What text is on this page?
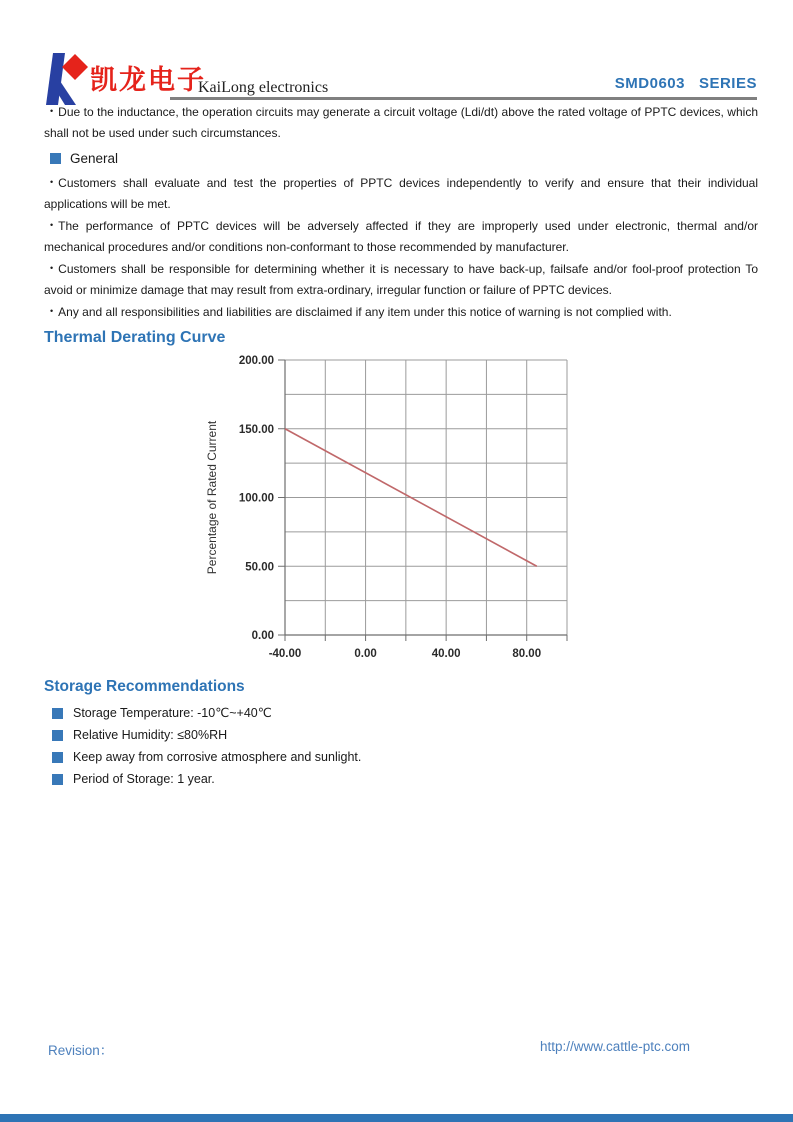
凯龙电子
KaiLong electronics	SMD0603   SERIES

• Due to the inductance, the operation circuits may generate a circuit voltage (Ldi/dt) above the rated voltage of PPTC devices, which shall not be used under such circumstances.

General

• Customers shall evaluate and test the properties of PPTC devices independently to verify and ensure that their individual applications will be met.

• The performance of PPTC devices will be adversely affected if they are improperly used under electronic, thermal and/or mechanical procedures and/or conditions non-conformant to those recommended by manufacturer.

• Customers shall be responsible for determining whether it is necessary to have back-up, failsafe and/or fool-proof protection To avoid or minimize damage that may result from extra-ordinary, irregular function or failure of PPTC devices.

• Any and all responsibilities and liabilities are disclaimed if any item under this notice of warning is not complied with.

Thermal Derating Curve
0.00
50.00
100.00
150.00
200.00
-40.00	0.00	40.00	80.00
Percentage of Rated Current
Storage Recommendations
Storage Temperature: -10℃~+40℃
Relative Humidity: ≤80%RH
Keep away from corrosive atmosphere and sunlight.
Period of Storage: 1 year.
Revision：	http://www.cattle-ptc.com
